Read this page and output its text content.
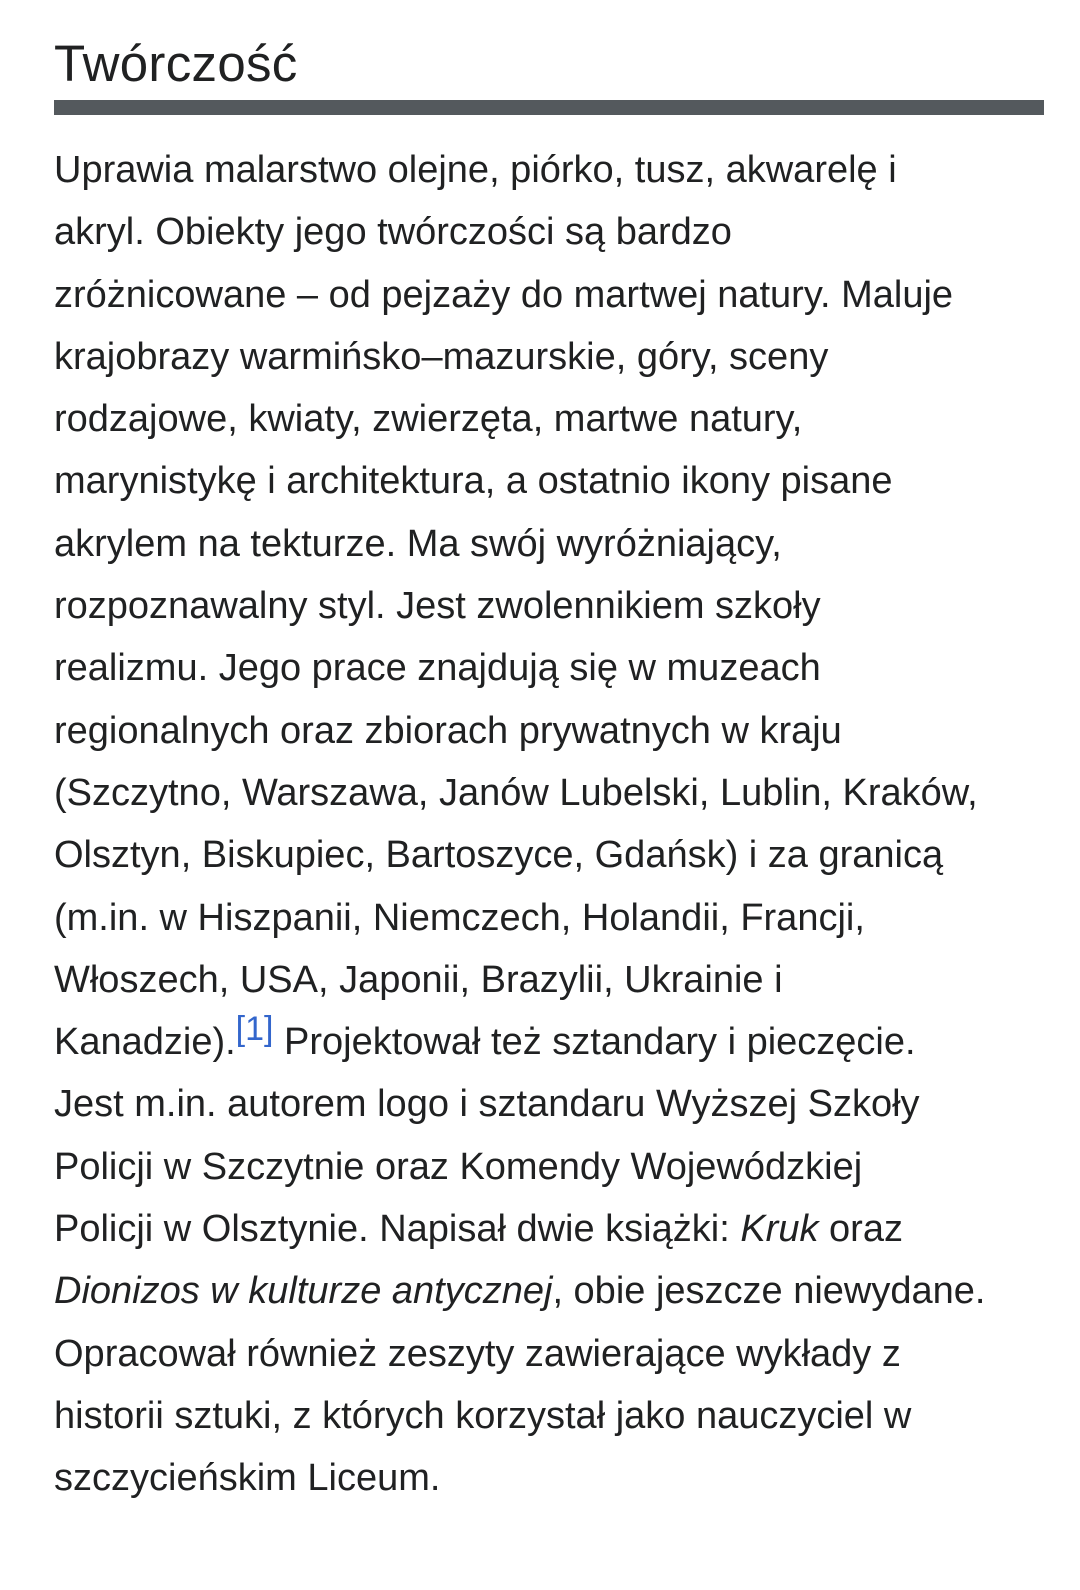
Twórczość

Uprawia malarstwo olejne, piórko, tusz, akwarelę i
akryl. Obiekty jego twórczości są bardzo
zróżnicowane – od pejzaży do martwej natury. Maluje
krajobrazy warmińsko–mazurskie, góry, sceny
rodzajowe, kwiaty, zwierzęta, martwe natury,
marynistykę i architektura, a ostatnio ikony pisane
akrylem na tekturze. Ma swój wyróżniający,
rozpoznawalny styl. Jest zwolennikiem szkoły
realizmu. Jego prace znajdują się w muzeach
regionalnych oraz zbiorach prywatnych w kraju
(Szczytno, Warszawa, Janów Lubelski, Lublin, Kraków,
Olsztyn, Biskupiec, Bartoszyce, Gdańsk) i za granicą
(m.in. w Hiszpanii, Niemczech, Holandii, Francji,
Włoszech, USA, Japonii, Brazylii, Ukrainie i
Kanadzie).[1] Projektował też sztandary i pieczęcie.
Jest m.in. autorem logo i sztandaru Wyższej Szkoły
Policji w Szczytnie oraz Komendy Wojewódzkiej
Policji w Olsztynie. Napisał dwie książki: Kruk oraz
Dionizos w kulturze antycznej, obie jeszcze niewydane.
Opracował również zeszyty zawierające wykłady z
historii sztuki, z których korzystał jako nauczyciel w
szczycieńskim Liceum.
